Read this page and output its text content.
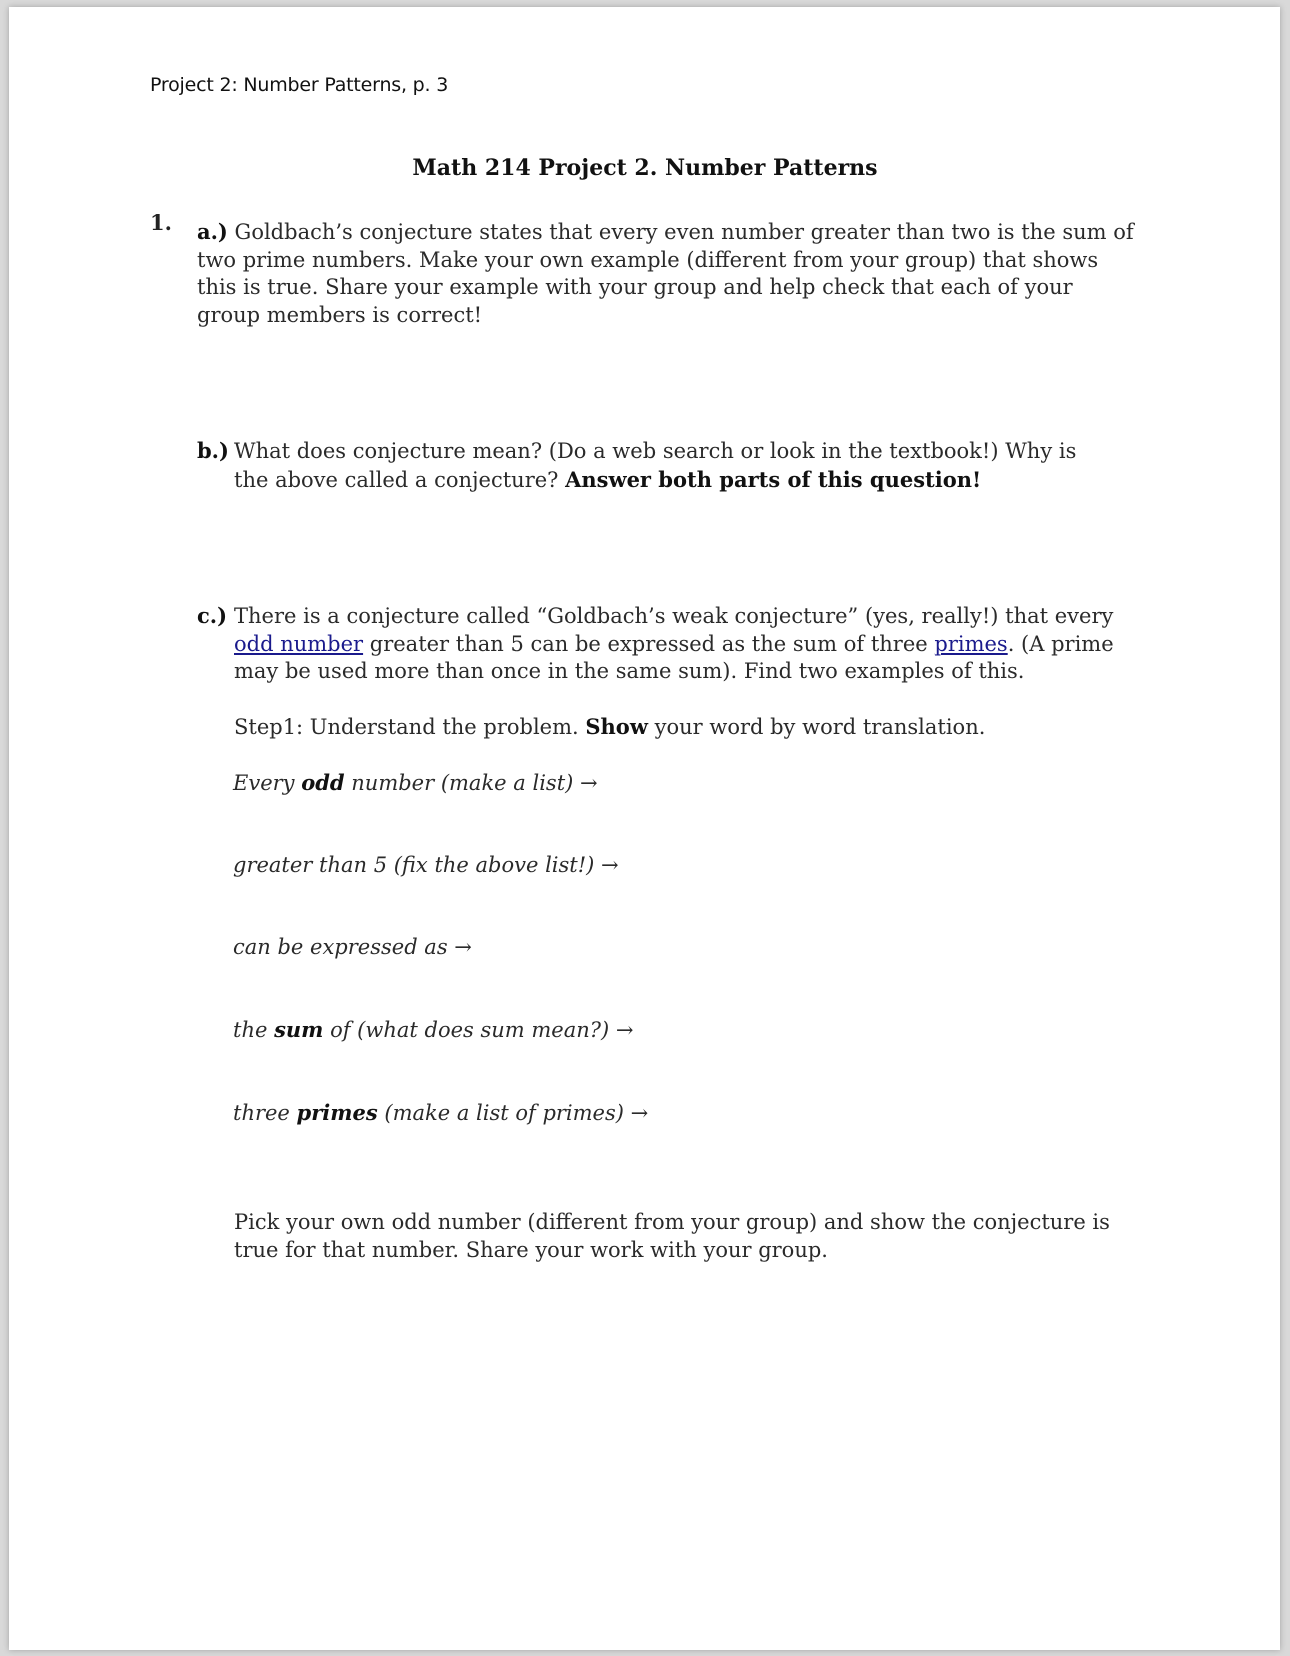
Project 2: Number Patterns, p. 3
Math 214 Project 2. Number Patterns
1. a.) Goldbach’s conjecture states that every even number greater than two is the sum of two prime numbers. Make your own example (different from your group) that shows this is true. Share your example with your group and help check that each of your group members is correct!
b.) What does conjecture mean? (Do a web search or look in the textbook!) Why is the above called a conjecture? Answer both parts of this question!
c.) There is a conjecture called “Goldbach’s weak conjecture” (yes, really!) that every odd number greater than 5 can be expressed as the sum of three primes. (A prime may be used more than once in the same sum). Find two examples of this.
Step1: Understand the problem. Show your word by word translation.
Every odd number (make a list) →
greater than 5 (fix the above list!) →
can be expressed as →
the sum of (what does sum mean?) →
three primes (make a list of primes) →
Pick your own odd number (different from your group) and show the conjecture is true for that number. Share your work with your group.
